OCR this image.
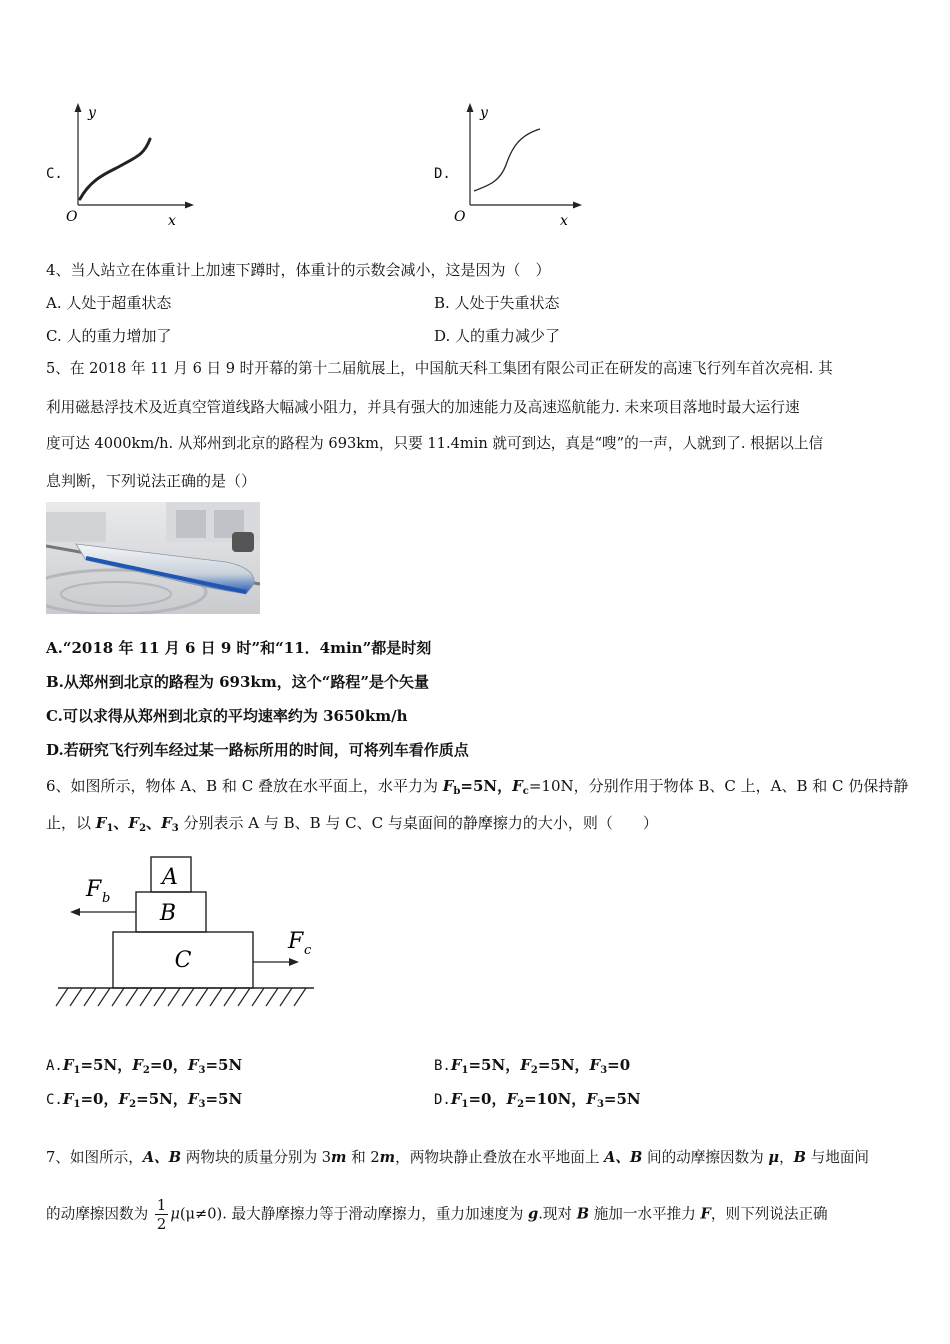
C.
y
x
O
D.
y
x
O
4、当人站立在体重计上加速下蹲时，体重计的示数会减小，这是因为（　）
A. 人处于超重状态	B. 人处于失重状态
C. 人的重力增加了	D. 人的重力减少了
5、在 2018 年 11 月 6 日 9 时开幕的第十二届航展上，中国航天科工集团有限公司正在研发的高速飞行列车首次亮相. 其
利用磁悬浮技术及近真空管道线路大幅减小阻力，并具有强大的加速能力及高速巡航能力. 未来项目落地时最大运行速
度可达 4000km/h. 从郑州到北京的路程为 693km，只要 11.4min 就可到达，真是“嗖”的一声，人就到了. 根据以上信
息判断，下列说法正确的是（）
A.“2018 年 11 月 6 日 9 时”和“11．4min”都是时刻
B.从郑州到北京的路程为 693km，这个“路程”是个矢量
C.可以求得从郑州到北京的平均速率约为 3650km/h
D.若研究飞行列车经过某一路标所用的时间，可将列车看作质点
6、如图所示，物体 A、B 和 C 叠放在水平面上，水平力为 $F_b=5N$，$F_c=10N$，分别作用于物体 B、C 上，A、B 和 C 仍保持静
止，以 $F_1$、$F_2$、$F_3$ 分别表示 A 与 B、B 与 C、C 与桌面间的静摩擦力的大小，则（　　）
A
B
C
F b
F c
$A.F_1=5N$，$F_2=0$，$F_3=5N$	$B.F_1=5N$，$F_2=5N$，$F_3=0$
$C.F_1=0$，$F_2=5N$，$F_3=5N$	$D.F_1=0$，$F_2=10N$，$F_3=5N$
7、如图所示，A、B 两物块的质量分别为 3m 和 2m，两物块静止叠放在水平地面上 A、B 间的动摩擦因数为 μ，B 与地面间
的动摩擦因数为 $\frac{1}{2} \mu(\mu\ne 0)$. 最大静摩擦力等于滑动摩擦力，重力加速度为 g.现对 B 施加一水平推力 F，则下列说法正确
